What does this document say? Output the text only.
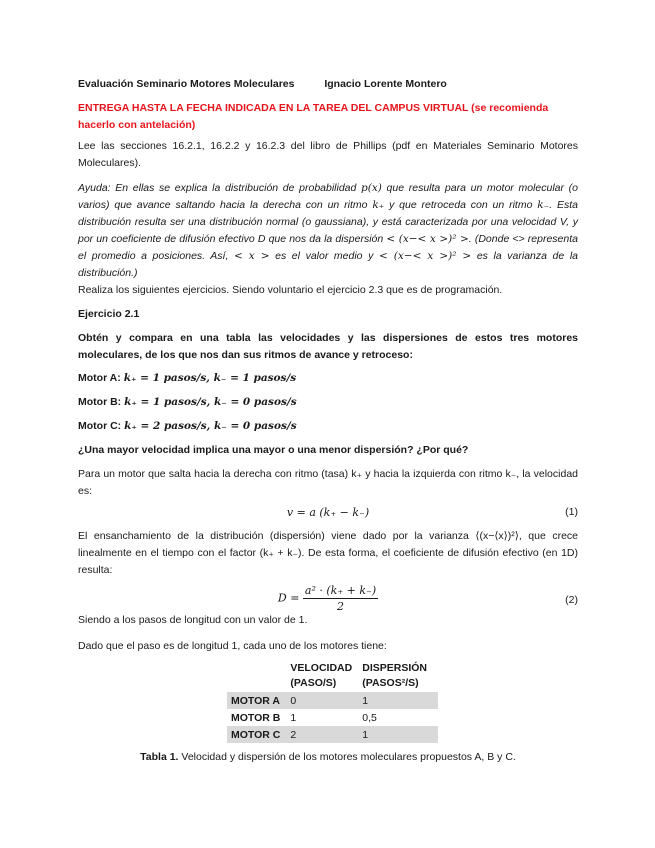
Evaluación Seminario Motores Moleculares	Ignacio Lorente Montero

ENTREGA HASTA LA FECHA INDICADA EN LA TAREA DEL CAMPUS VIRTUAL (se recomienda hacerlo con antelación)

Lee las secciones 16.2.1, 16.2.2 y 16.2.3 del libro de Phillips (pdf en Materiales Seminario Motores Moleculares).

Ayuda: En ellas se explica la distribución de probabilidad p(x) que resulta para un motor molecular (o varios) que avance saltando hacia la derecha con un ritmo k₊ y que retroceda con un ritmo k₋. Esta distribución resulta ser una distribución normal (o gaussiana), y está caracterizada por una velocidad V, y por un coeficiente de difusión efectivo D que nos da la dispersión < (x−< x >)² >. (Donde <> representa el promedio a posiciones. Así, < x > es el valor medio y < (x−< x >)² > es la varianza de la distribución.)

Realiza los siguientes ejercicios. Siendo voluntario el ejercicio 2.3 que es de programación.

Ejercicio 2.1

Obtén y compara en una tabla las velocidades y las dispersiones de estos tres motores moleculares, de los que nos dan sus ritmos de avance y retroceso:

Motor A: k₊ = 1 pasos/s, k₋ = 1 pasos/s

Motor B: k₊ = 1 pasos/s, k₋ = 0 pasos/s

Motor C: k₊ = 2 pasos/s, k₋ = 0 pasos/s

¿Una mayor velocidad implica una mayor o una menor dispersión? ¿Por qué?

Para un motor que salta hacia la derecha con ritmo (tasa) k₊ y hacia la izquierda con ritmo k₋, la velocidad es:

v = a (k₊ − k₋)	(1)

El ensanchamiento de la distribución (dispersión) viene dado por la varianza ⟨(x−⟨x⟩)²⟩, que crece linealmente en el tiempo con el factor (k₊ + k₋). De esta forma, el coeficiente de difusión efectivo (en 1D) resulta:

$D = \frac{\text{a² · (k₊ + k₋)}}{2}$	(2)

Siendo a los pasos de longitud con un valor de 1.

Dado que el paso es de longitud 1, cada uno de los motores tiene:

	VELOCIDAD (PASO/S)	DISPERSIÓN (PASOS²/S)
MOTOR A	0	1
MOTOR B	1	0,5
MOTOR C	2	1

Tabla 1. Velocidad y dispersión de los motores moleculares propuestos A, B y C.
